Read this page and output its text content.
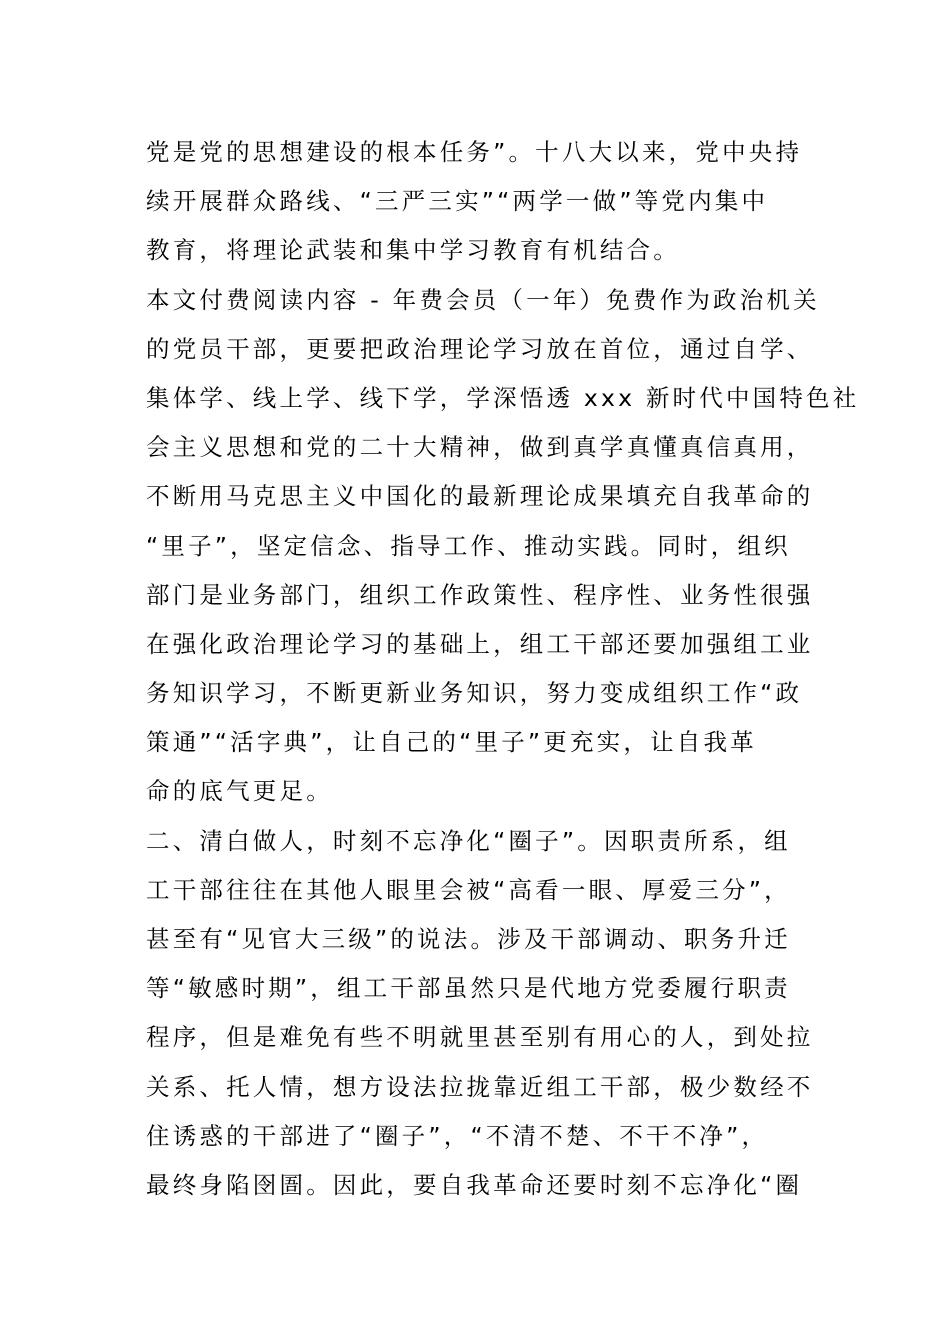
党是党的思想建设的根本任务”。十八大以来，党中央持
续开展群众路线、“三严三实”“两学一做”等党内集中
教育，将理论武装和集中学习教育有机结合。
本文付费阅读内容 - 年费会员（一年）免费作为政治机关
的党员干部，更要把政治理论学习放在首位，通过自学、
集体学、线上学、线下学，学深悟透 xxx 新时代中国特色社
会主义思想和党的二十大精神，做到真学真懂真信真用，
不断用马克思主义中国化的最新理论成果填充自我革命的
“里子”，坚定信念、指导工作、推动实践。同时，组织
部门是业务部门，组织工作政策性、程序性、业务性很强
在强化政治理论学习的基础上，组工干部还要加强组工业
务知识学习，不断更新业务知识，努力变成组织工作“政
策通”“活字典”，让自己的“里子”更充实，让自我革
命的底气更足。
二、清白做人，时刻不忘净化“圈子”。因职责所系，组
工干部往往在其他人眼里会被“高看一眼、厚爱三分”，
甚至有“见官大三级”的说法。涉及干部调动、职务升迁
等“敏感时期”，组工干部虽然只是代地方党委履行职责
程序，但是难免有些不明就里甚至别有用心的人，到处拉
关系、托人情，想方设法拉拢靠近组工干部，极少数经不
住诱惑的干部进了“圈子”，“不清不楚、不干不净”，
最终身陷囹圄。因此，要自我革命还要时刻不忘净化“圈
